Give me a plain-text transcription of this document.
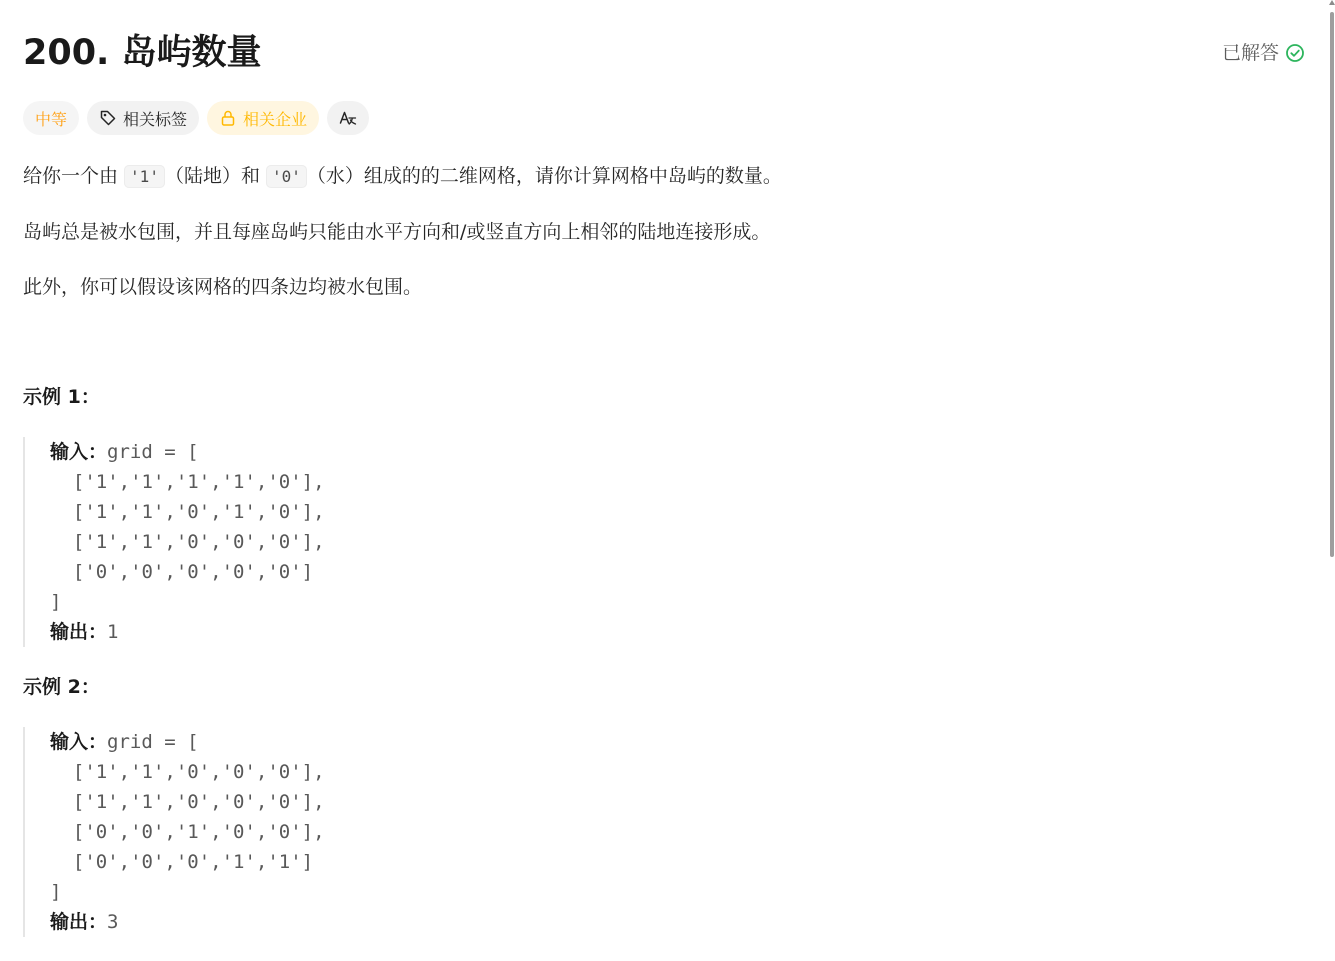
200. 岛屿数量	已解答
中等	相关标签	相关企业
给你一个由 '1' （陆地）和 '0' （水）组成的的二维网格，请你计算网格中岛屿的数量。
岛屿总是被水包围，并且每座岛屿只能由水平方向和/或竖直方向上相邻的陆地连接形成。
此外，你可以假设该网格的四条边均被水包围。
示例 1：
输入：grid = [
['1','1','1','1','0'],
['1','1','0','1','0'],
['1','1','0','0','0'],
['0','0','0','0','0']
]
输出：1
示例 2：
输入：grid = [
['1','1','0','0','0'],
['1','1','0','0','0'],
['0','0','1','0','0'],
['0','0','0','1','1']
]
输出：3
